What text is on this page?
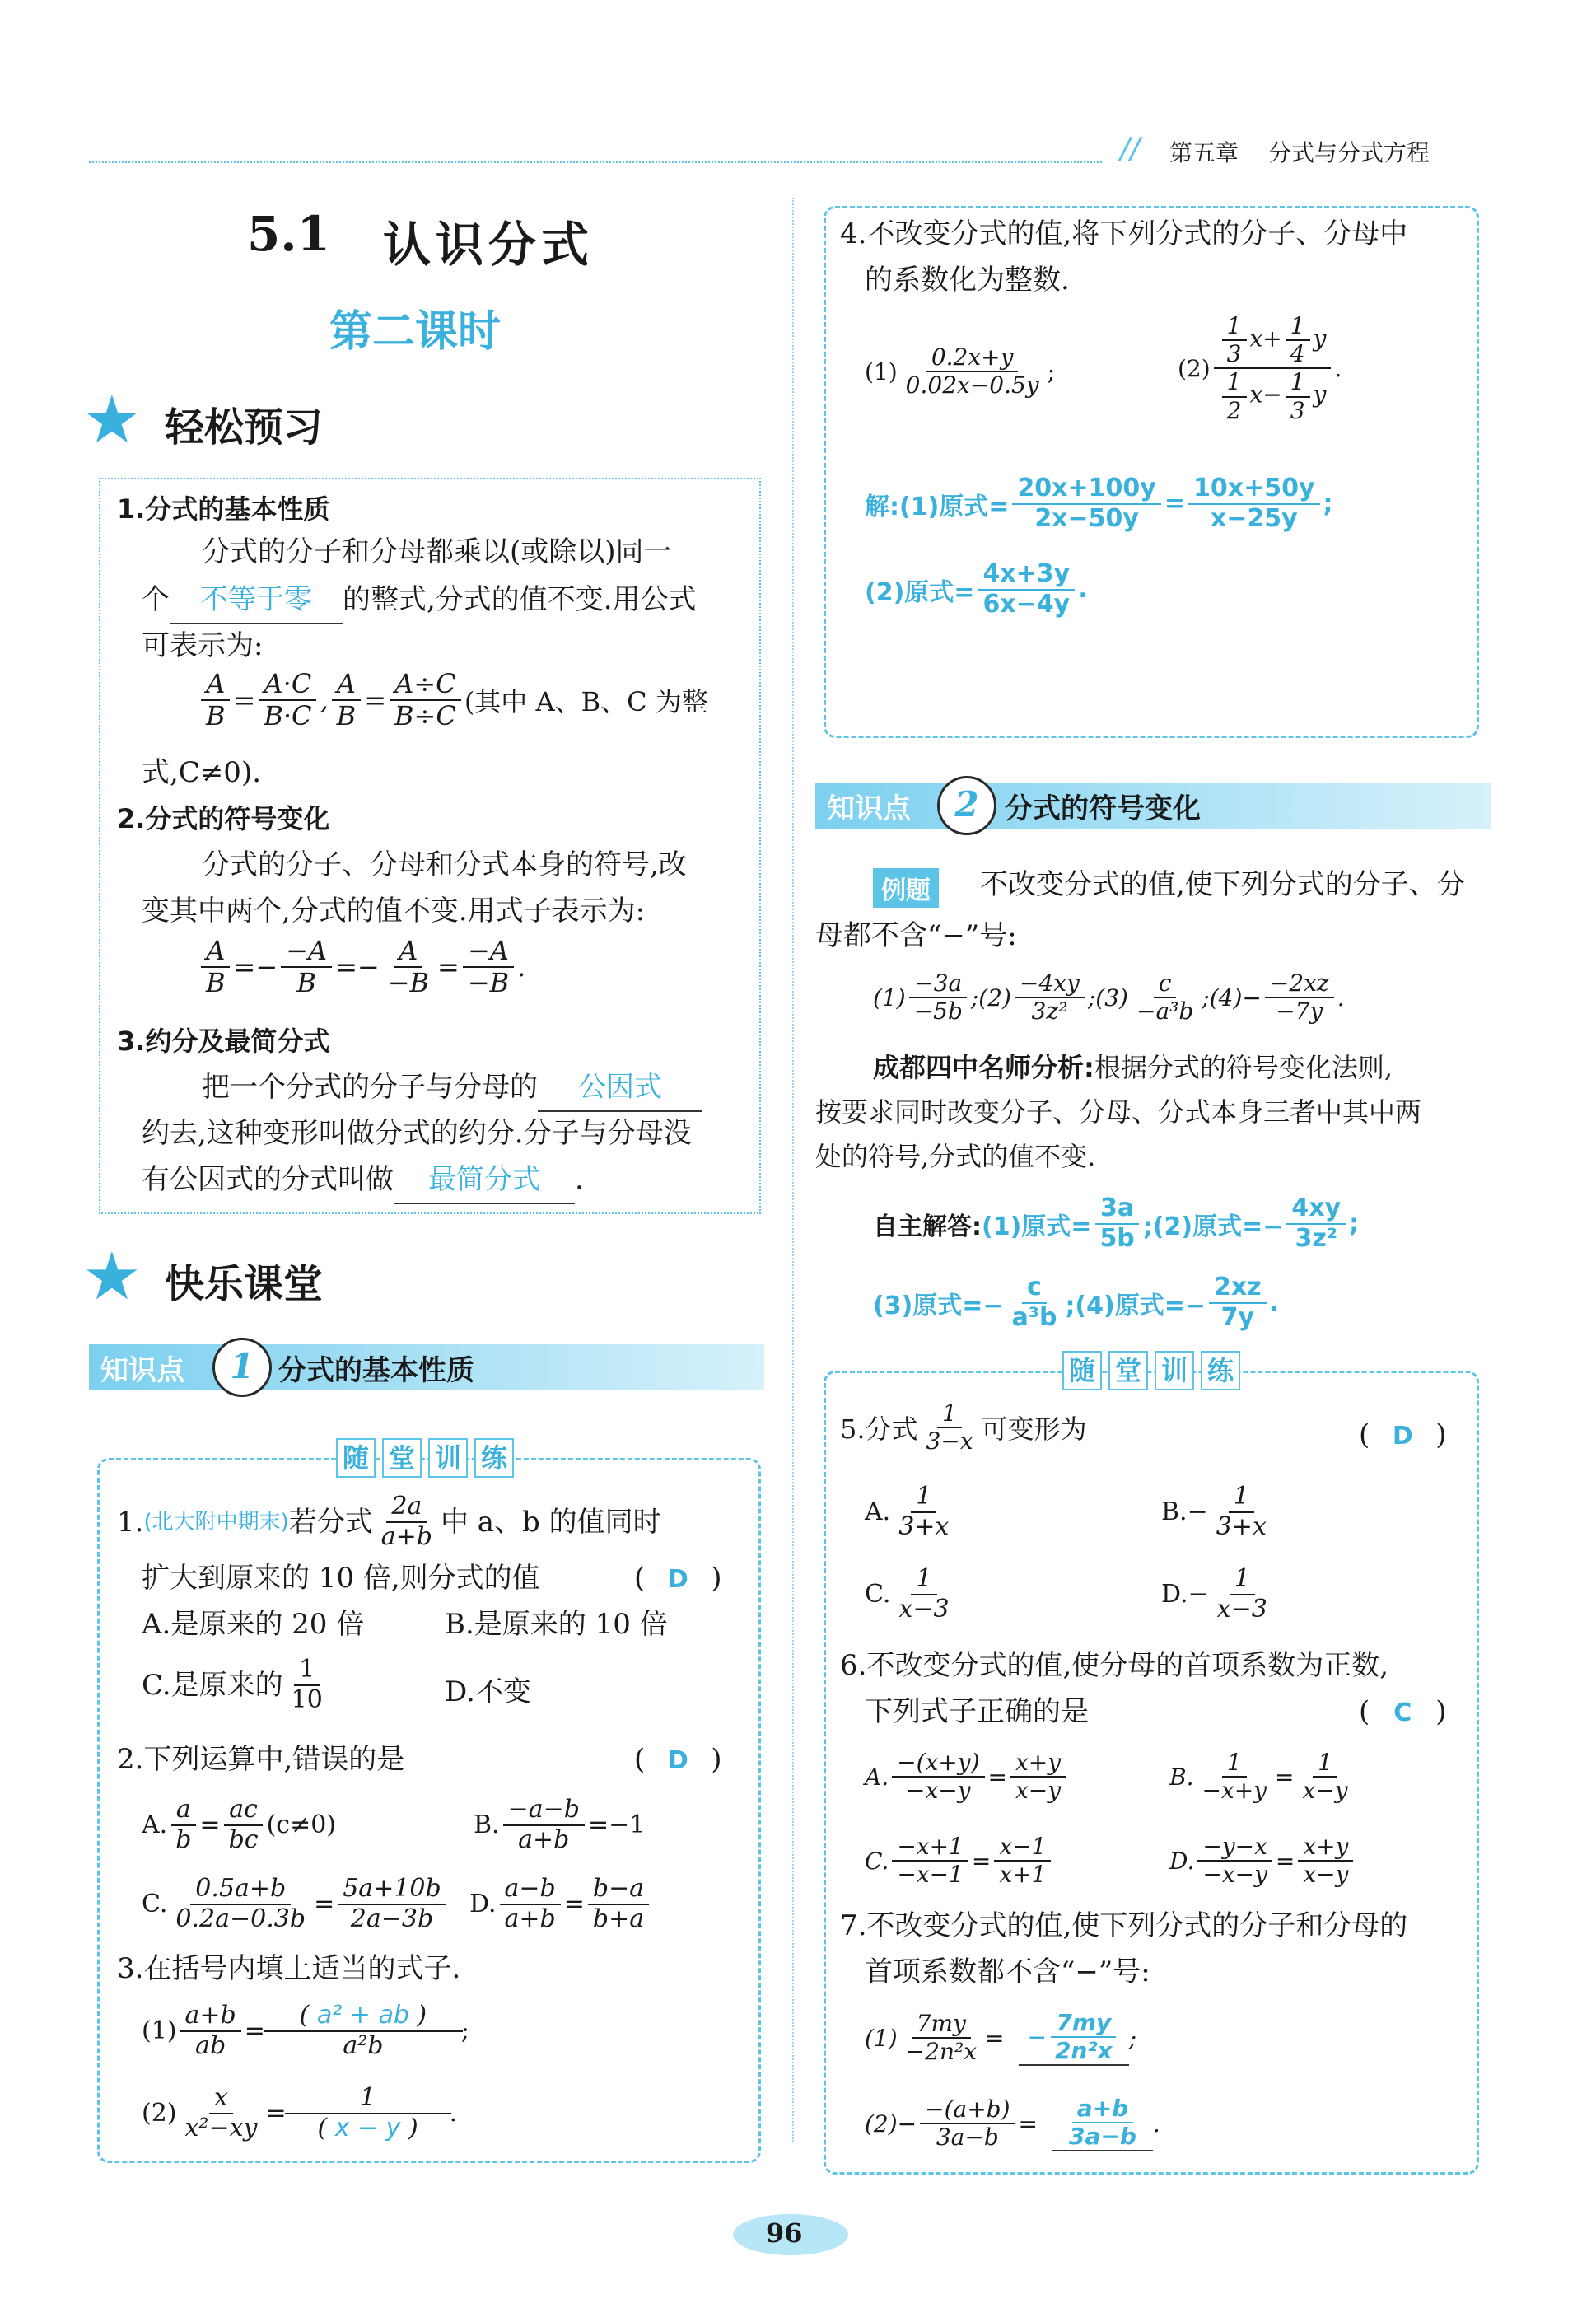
// 第五章 分式与分式方程
5.1 认识分式
第二课时
★ 轻松预习
1.分式的基本性质
分式的分子和分母都乘以(或除以)同一
个 不等于零 的整式,分式的值不变.用公式
可表示为:
$\frac{A}{B} = \frac{A\cdot C}{B\cdot C}$ , $\frac{A}{B} = \frac{A\div C}{B\div C}$ (其中 A、B、C 为整
式,C≠0).
2.分式的符号变化
分式的分子、分母和分式本身的符号,改
变其中两个,分式的值不变.用式子表示为:
$\frac{A}{B} =- \frac{-A}{B} =- \frac{A}{-B} = \frac{-A}{-B}$ .
3.约分及最简分式
把一个分式的分子与分母的 公因式
约去,这种变形叫做分式的约分.分子与分母没
有公因式的分式叫做 最简分式 .
★ 快乐课堂
知识点	1 分式的基本性质
随 堂 训 练
1. (北大附中期末) 若分式 $\frac{2a}{a+b}$ 中 a、b 的值同时
扩大到原来的 10 倍,则分式的值	( D )
A.是原来的 20 倍	B.是原来的 10 倍
C.是原来的 $\frac{1}{10}$	D.不变
2.下列运算中,错误的是	( D )
A. $\frac{a}{b} = \frac{ac}{bc} (c\ne 0)$	B. $\frac{-a-b}{a+b} =-1$
C. $\frac{0.5a+b}{0.2a-0.3b} = \frac{5a+10b}{2a-3b} D$. $\frac{a-b}{a+b} = \frac{b-a}{b+a}$
3.在括号内填上适当的式子.
$(1) \frac{a+b}{ab} = \frac{\text{( a² + ab )}}{\text{a²b}}$ ;
$(2) \frac{x}{\text{x²−xy}} = \frac{1}{( x - y )}$ .
4.不改变分式的值,将下列分式的分子、分母中
的系数化为整数.
$(1) \frac{0.2x+y}{0.02x-0.5y}$ ;	$(2) \frac{\frac{1}{3} x+ \frac{1}{4} y}{\frac{1}{2} x- \frac{1}{3} y}$ .
解:(1)原式= $\frac{20x+100y}{2x-50y} = \frac{10x+50y}{x-25y}$ ;
(2)原式= $\frac{4x+3y}{6x-4y}$ .
知识点	2 分式的符号变化
例题 不改变分式的值,使下列分式的分子、分
母都不含“−”号:
$(1) \frac{-3a}{-5b}$ ;(2) $\frac{-4xy}{\text{3z²}}$ ;(3) $\frac{c}{\text{−a³b}}$ ;(4)− $\frac{-2xz}{-7y}$ .
成都四中名师分析:根据分式的符号变化法则,
按要求同时改变分子、分母、分式本身三者中其中两
处的符号,分式的值不变.
自主解答: (1)原式= $\frac{3a}{5b}$ ;(2)原式=− $\frac{4xy}{\text{3z²}}$ ;
(3)原式=− $\frac{c}{\text{a³b}}$ ;(4)原式=− $\frac{2xz}{7y}$ .
随 堂 训 练
5.分式 $\frac{1}{3-x}$ 可变形为	( D )
A. $\frac{1}{3+x}$	$B.- \frac{1}{3+x}$
C. $\frac{1}{x-3}$	$D.- \frac{1}{x-3}$
6.不改变分式的值,使分母的首项系数为正数,
下列式子正确的是	( C )
A. $\frac{-(x+y)}{-x-y} = \frac{x+y}{x-y}$	B. $\frac{1}{-x+y} = \frac{1}{x-y}$
C. $\frac{-x+1}{-x-1} = \frac{x-1}{x+1}$	D. $\frac{-y-x}{-x-y} = \frac{x+y}{x-y}$
7.不改变分式的值,使下列分式的分子和分母的
首项系数都不含“−”号:
$(1) \frac{7my}{\text{−2n²x}}$ =	− $\frac{7my}{\text{2n²x}}$ ;
$(2)- \frac{-(a+b)}{3a-b} = \frac{a+b}{3a-b}$ .
96
